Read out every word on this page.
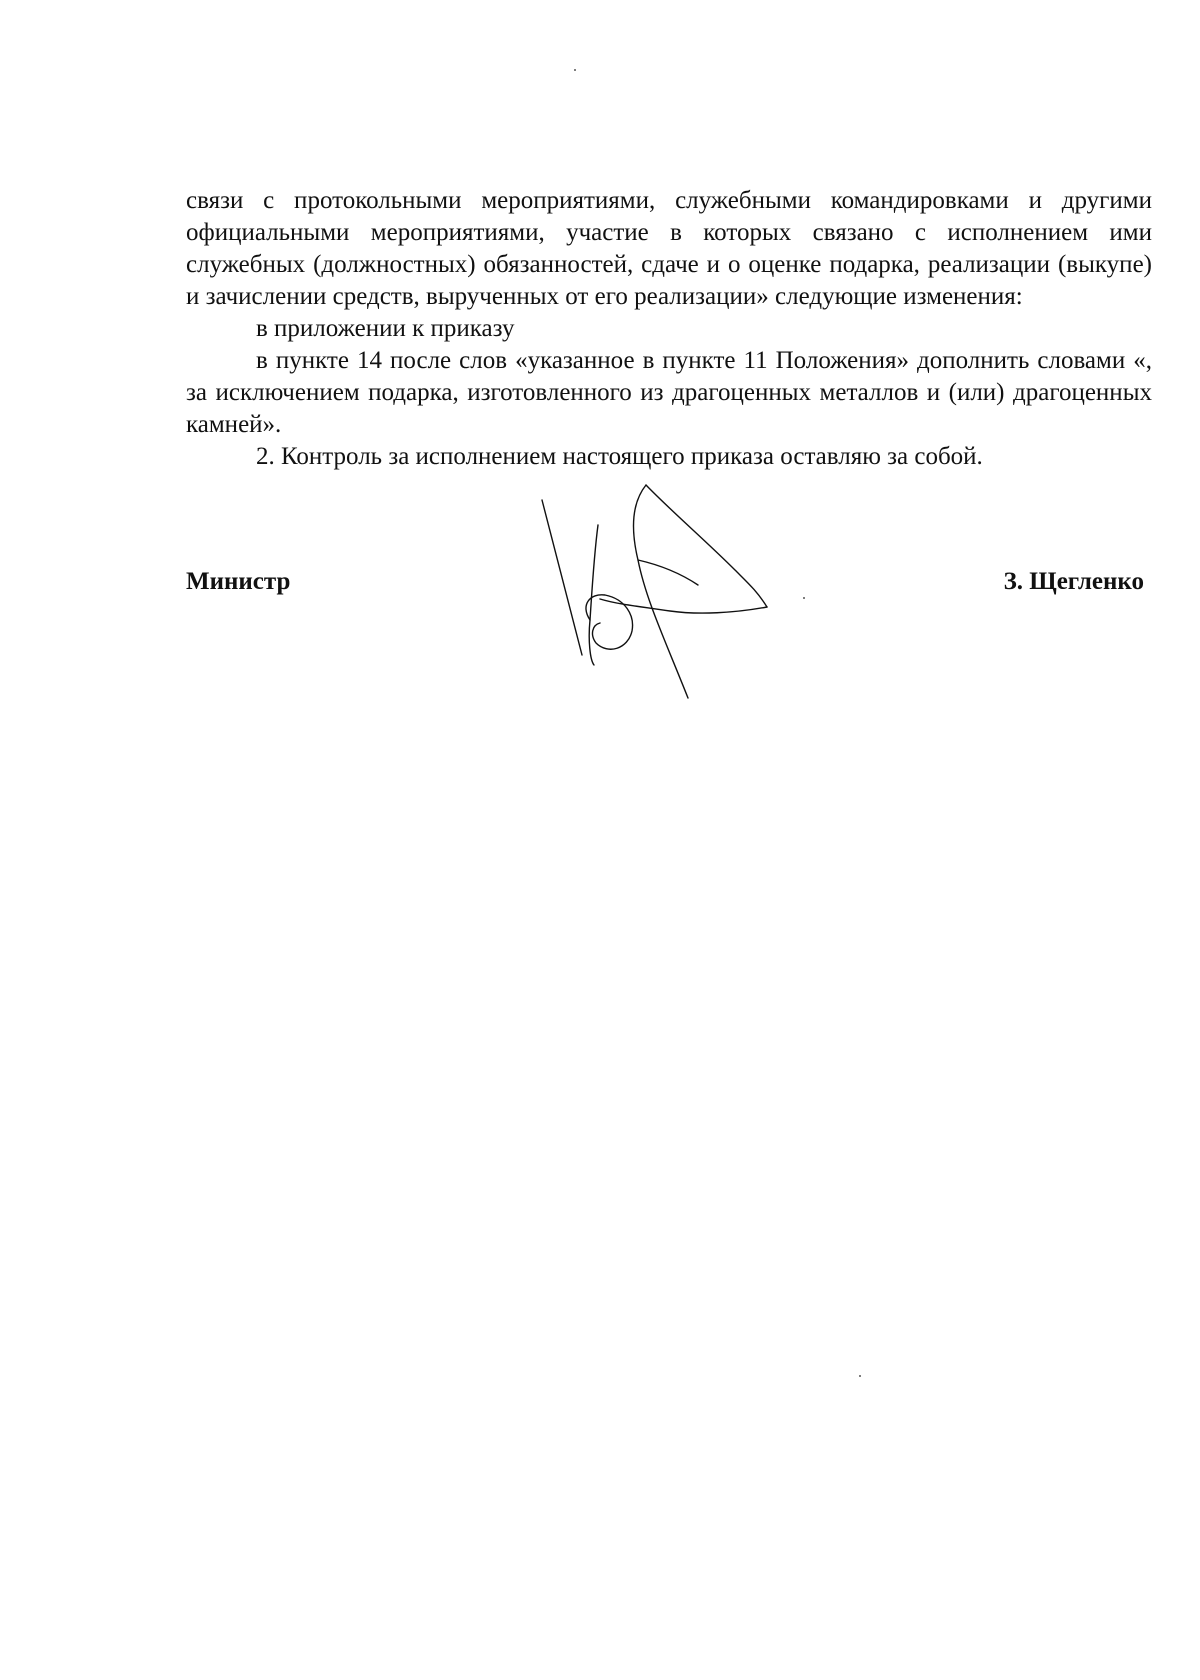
связи с протокольными мероприятиями, служебными командировками и другими официальными мероприятиями, участие в которых связано с исполнением ими служебных (должностных) обязанностей, сдаче и о оценке подарка, реализации (выкупе) и зачислении средств, вырученных от его реализации» следующие изменения:

в приложении к приказу

в пункте 14 после слов «указанное в пункте 11 Положения» дополнить словами «, за исключением подарка, изготовленного из драгоценных металлов и (или) драгоценных камней».

2. Контроль за исполнением настоящего приказа оставляю за собой.

Министр	З. Щегленко
